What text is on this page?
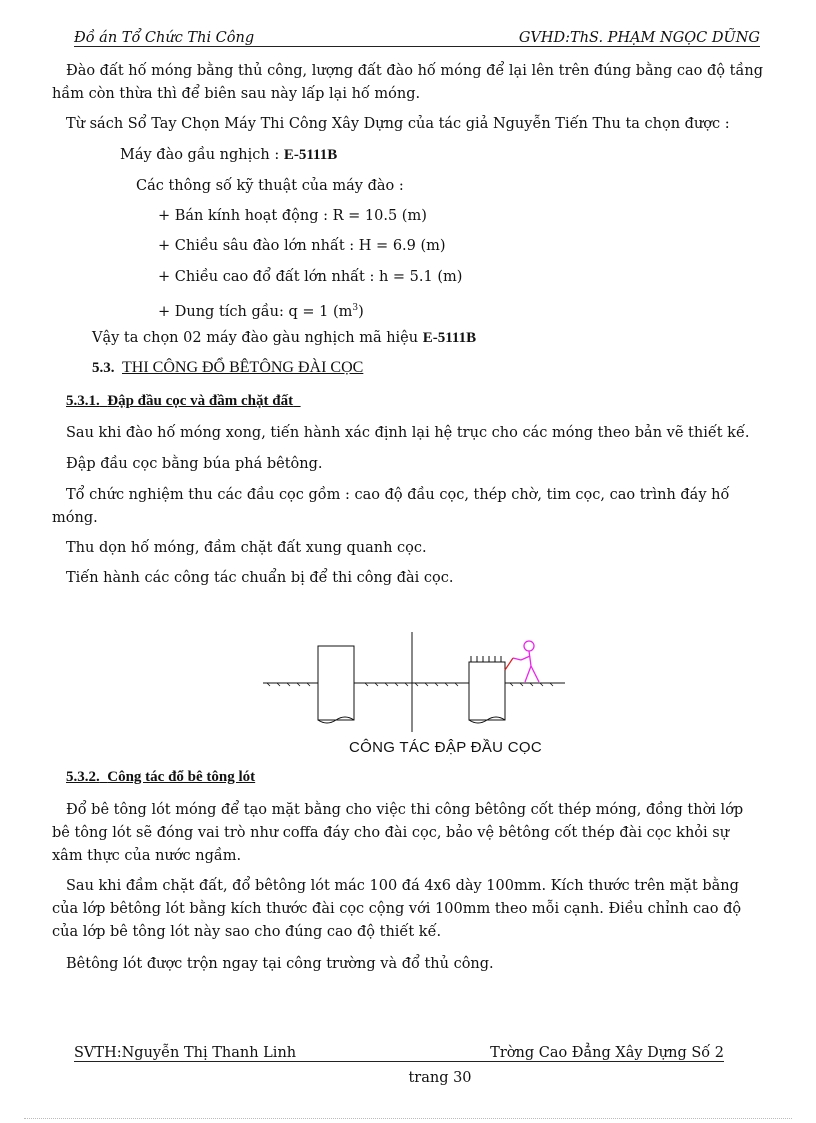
Đồ án Tổ Chức Thi Công	GVHD:ThS. PHẠM NGỌC DŨNG

Đào đất hố móng bằng thủ công, lượng đất đào hố móng để lại lên trên đúng bằng cao độ tầng hầm còn thừa thì để biên sau này lấp lại hố móng.

Từ sách Sổ Tay Chọn Máy Thi Công Xây Dựng của tác giả Nguyễn Tiến Thu ta chọn được :

Máy đào gầu nghịch : E-5111B

Các thông số kỹ thuật của máy đào :

+ Bán kính hoạt động : R = 10.5 (m)

+ Chiều sâu đào lớn nhất : H = 6.9 (m)

+ Chiều cao đổ đất lớn nhất : h = 5.1 (m)

+ Dung tích gầu: q = 1 $(m^3)$

Vậy ta chọn 02 máy đào gàu nghịch mã hiệu E-5111B

5.3. THI CÔNG ĐỔ BÊTÔNG ĐÀI CỌC
5.3.1. Đập đầu cọc và đầm chặt đất

Sau khi đào hố móng xong, tiến hành xác định lại hệ trục cho các móng theo bản vẽ thiết kế.

Đập đầu cọc bằng búa phá bêtông.

Tổ chức nghiệm thu các đầu cọc gồm : cao độ đầu cọc, thép chờ, tim cọc, cao trình đáy hố móng.

Thu dọn hố móng, đầm chặt đất xung quanh cọc.

Tiến hành các công tác chuẩn bị để thi công đài cọc.

CÔNG TÁC ĐẬP ĐẦU CỌC
5.3.2. Công tác đổ bê tông lót

Đổ bê tông lót móng để tạo mặt bằng cho việc thi công bêtông cốt thép móng, đồng thời lớp bê tông lót sẽ đóng vai trò như coffa đáy cho đài cọc, bảo vệ bêtông cốt thép đài cọc khỏi sự xâm thực của nước ngầm.

Sau khi đầm chặt đất, đổ bêtông lót mác 100 đá 4x6 dày 100mm. Kích thước trên mặt bằng của lớp bêtông lót bằng kích thước đài cọc cộng với 100mm theo mỗi cạnh. Điều chỉnh cao độ của lớp bê tông lót này sao cho đúng cao độ thiết kế.

Bêtông lót được trộn ngay tại công trường và đổ thủ công.

SVTH:Nguyễn Thị Thanh Linh	Trờng Cao Đẳng Xây Dựng Số 2
trang 30
